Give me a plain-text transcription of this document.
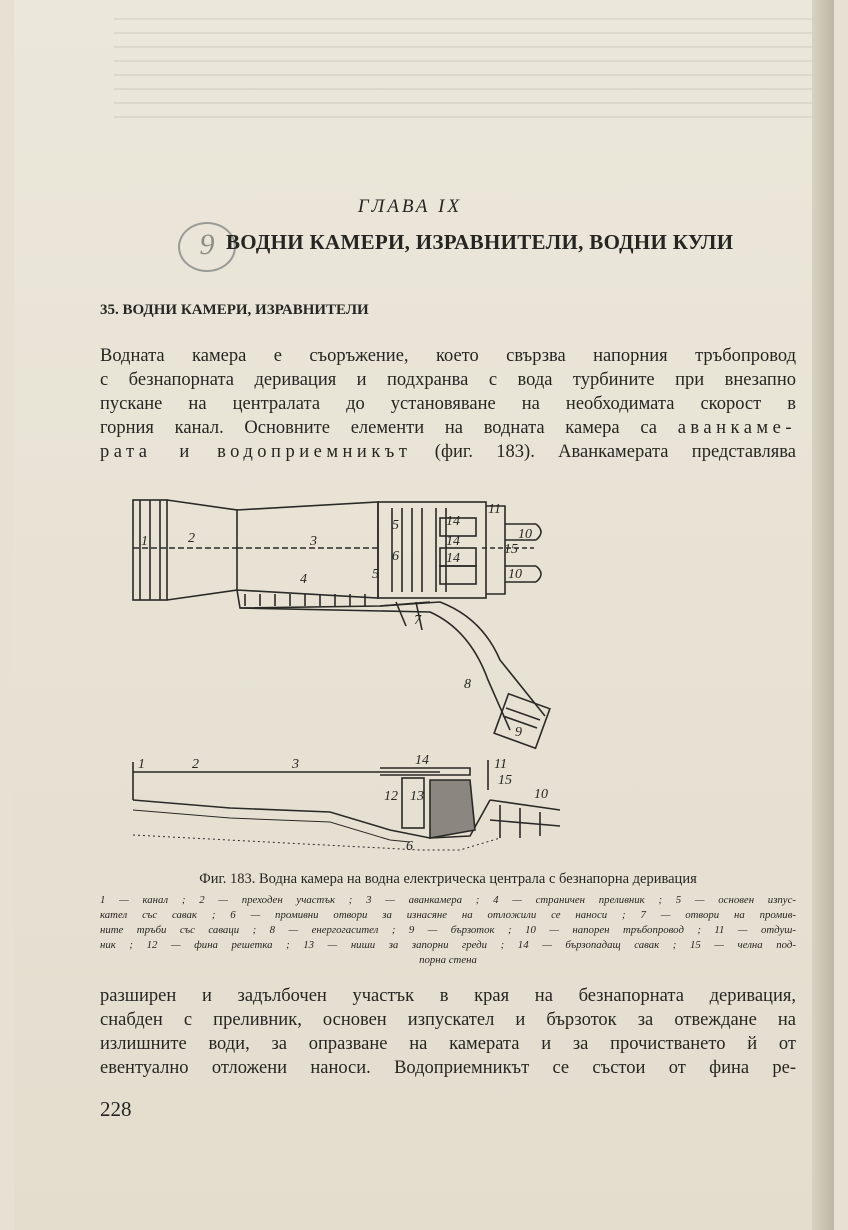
ГЛАВА IX
9 ВОДНИ КАМЕРИ, ИЗРАВНИТЕЛИ, ВОДНИ КУЛИ
35. ВОДНИ КАМЕРИ, ИЗРАВНИТЕЛИ
Водната камера е съоръжение, което свързва напорния тръбопровод
с безнапорната деривация и подхранва с вода турбините при внезапно
пускане на централата до установяване на необходимата скорост в
горния канал. Основните елементи на водната камера са аванкаме-
рата и водоприемникът (фиг. 183). Аванкамерата представлява
1	2	3
4
5
5
6
7
8
9
10
10
11
14
14
14
15
1	2	3
12 13
14
6
11
15
10
Фиг. 183. Водна камера на водна електрическа централа с безнапорна деривация
1 — канал ; 2 — преходен участък ; 3 — аванкамера ; 4 — страничен преливник ; 5 — основен изпус-
кател със савак ; 6 — промивни отвори за изнасяне на отложили се наноси ; 7 — отвори на промив-
ните тръби със саваци ; 8 — енергогасител ; 9 — бързоток ; 10 — напорен тръбопровод ; 11 — отдуш-
ник ; 12 — фина решетка ; 13 — ниши за запорни греди ; 14 — бързопадащ савак ; 15 — челна под-
порна стена
разширен и задълбочен участък в края на безнапорната деривация,
снабден с преливник, основен изпускател и бързоток за отвеждане на
излишните води, за опразване на камерата и за прочистването й от
евентуално отложени наноси. Водоприемникът се състои от фина ре-
228
